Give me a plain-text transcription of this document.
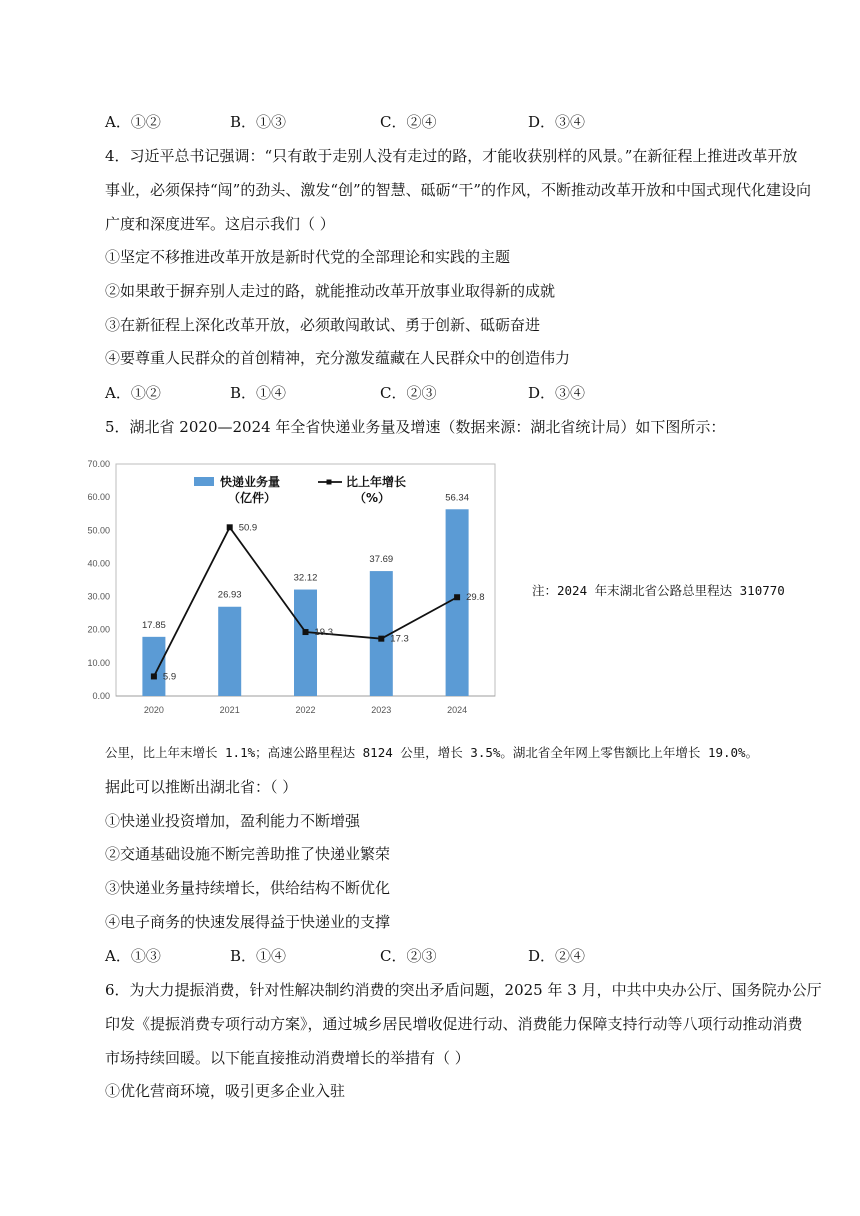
A．①②	B．①③	C．②④	D．③④
4．习近平总书记强调：“只有敢于走别人没有走过的路，才能收获别样的风景。”在新征程上推进改革开放
事业，必须保持“闯”的劲头、激发“创”的智慧、砥砺“干”的作风，不断推动改革开放和中国式现代化建设向
广度和深度进军。这启示我们（ ）
①坚定不移推进改革开放是新时代党的全部理论和实践的主题
②如果敢于摒弃别人走过的路，就能推动改革开放事业取得新的成就
③在新征程上深化改革开放，必须敢闯敢试、勇于创新、砥砺奋进
④要尊重人民群众的首创精神，充分激发蕴藏在人民群众中的创造伟力
A．①②	B．①④	C．②③	D．③④
5．湖北省 2020—2024 年全省快递业务量及增速（数据来源：湖北省统计局）如下图所示：
0.00
10.00
20.00
30.00
40.00
50.00
60.00
70.00
17.85
26.93
32.12
37.69
56.34
2020	2021	2022	2023	2024
5.9
50.9
19.3
17.3
29.8
快递业务量
（亿件）
比上年增长
（%）
注：2024 年末湖北省公路总里程达 310770
公里，比上年末增长 1.1%；高速公路里程达 8124 公里，增长 3.5%。湖北省全年网上零售额比上年增长 19.0%。
据此可以推断出湖北省：（ ）
①快递业投资增加，盈利能力不断增强
②交通基础设施不断完善助推了快递业繁荣
③快递业务量持续增长，供给结构不断优化
④电子商务的快速发展得益于快递业的支撑
A．①③	B．①④	C．②③	D．②④
6．为大力提振消费，针对性解决制约消费的突出矛盾问题，2025 年 3 月，中共中央办公厅、国务院办公厅
印发《提振消费专项行动方案》，通过城乡居民增收促进行动、消费能力保障支持行动等八项行动推动消费
市场持续回暖。以下能直接推动消费增长的举措有（ ）
①优化营商环境，吸引更多企业入驻
